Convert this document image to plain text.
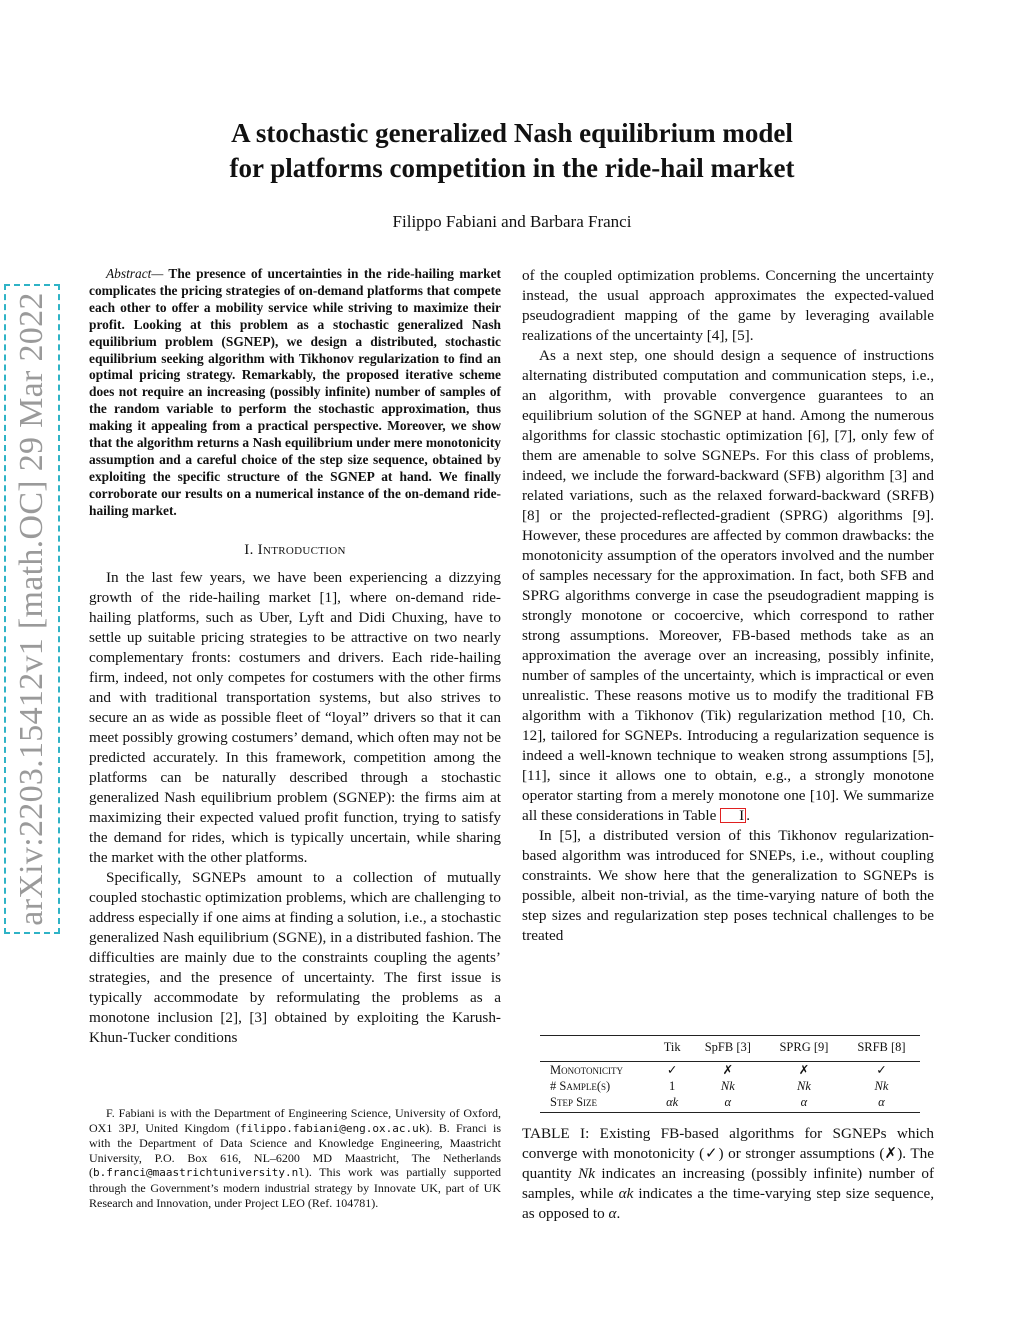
arXiv:2203.15412v1 [math.OC] 29 Mar 2022
A stochastic generalized Nash equilibrium model
for platforms competition in the ride-hail market
Filippo Fabiani and Barbara Franci

Abstract— The presence of uncertainties in the ride-hailing market complicates the pricing strategies of on-demand platforms that compete each other to offer a mobility service while striving to maximize their profit. Looking at this problem as a stochastic generalized Nash equilibrium problem (SGNEP), we design a distributed, stochastic equilibrium seeking algorithm with Tikhonov regularization to find an optimal pricing strategy. Remarkably, the proposed iterative scheme does not require an increasing (possibly infinite) number of samples of the random variable to perform the stochastic approximation, thus making it appealing from a practical perspective. Moreover, we show that the algorithm returns a Nash equilibrium under mere monotonicity assumption and a careful choice of the step size sequence, obtained by exploiting the specific structure of the SGNEP at hand. We finally corroborate our results on a numerical instance of the on-demand ride-hailing market.

I. Introduction

In the last few years, we have been experiencing a dizzying growth of the ride-hailing market [1], where on-demand ride-hailing platforms, such as Uber, Lyft and Didi Chuxing, have to settle up suitable pricing strategies to be attractive on two nearly complementary fronts: costumers and drivers. Each ride-hailing firm, indeed, not only competes for costumers with the other firms and with traditional transportation systems, but also strives to secure an as wide as possible fleet of “loyal” drivers so that it can meet possibly growing costumers’ demand, which often may not be predicted accurately. In this framework, competition among the platforms can be naturally described through a stochastic generalized Nash equilibrium problem (SGNEP): the firms aim at maximizing their expected valued profit function, trying to satisfy the demand for rides, which is typically uncertain, while sharing the market with the other platforms.

Specifically, SGNEPs amount to a collection of mutually coupled stochastic optimization problems, which are challenging to address especially if one aims at finding a solution, i.e., a stochastic generalized Nash equilibrium (SGNE), in a distributed fashion. The difficulties are mainly due to the constraints coupling the agents’ strategies, and the presence of uncertainty. The first issue is typically accommodate by reformulating the problems as a monotone inclusion [2], [3] obtained by exploiting the Karush-Khun-Tucker conditions

F. Fabiani is with the Department of Engineering Science, University of Oxford, OX1 3PJ, United Kingdom (filippo.fabiani@eng.ox.ac.uk). B. Franci is with the Department of Data Science and Knowledge Engineering, Maastricht University, P.O. Box 616, NL–6200 MD Maastricht, The Netherlands (b.franci@maastrichtuniversity.nl). This work was partially supported through the Government’s modern industrial strategy by Innovate UK, part of UK Research and Innovation, under Project LEO (Ref. 104781).

of the coupled optimization problems. Concerning the uncertainty instead, the usual approach approximates the expected-valued pseudogradient mapping of the game by leveraging available realizations of the uncertainty [4], [5].

As a next step, one should design a sequence of instructions alternating distributed computation and communication steps, i.e., an algorithm, with provable convergence guarantees to an equilibrium solution of the SGNEP at hand. Among the numerous algorithms for classic stochastic optimization [6], [7], only few of them are amenable to solve SGNEPs. For this class of problems, indeed, we include the forward-backward (SFB) algorithm [3] and related variations, such as the relaxed forward-backward (SRFB) [8] or the projected-reflected-gradient (SPRG) algorithms [9]. However, these procedures are affected by common drawbacks: the monotonicity assumption of the operators involved and the number of samples necessary for the approximation. In fact, both SFB and SPRG algorithms converge in case the pseudogradient mapping is strongly monotone or cocoercive, which correspond to rather strong assumptions. Moreover, FB-based methods take as an approximation the average over an increasing, possibly infinite, number of samples of the uncertainty, which is impractical or even unrealistic. These reasons motive us to modify the traditional FB algorithm with a Tikhonov (Tik) regularization method [10, Ch. 12], tailored for SGNEPs. Introducing a regularization sequence is indeed a well-known technique to weaken strong assumptions [5], [11], since it allows one to obtain, e.g., a strongly monotone operator starting from a merely monotone one [10]. We summarize all these considerations in Table I .

In [5], a distributed version of this Tikhonov regularization-based algorithm was introduced for SNEPs, i.e., without coupling constraints. We show here that the generalization to SGNEPs is possible, albeit non-trivial, as the time-varying nature of both the step sizes and regularization step poses technical challenges to be treated

	Tik	SpFB [3]	SPRG [9]	SRFB [8]
Monotonicity	✓	✗	✗	✓
# Sample(s)	1	Nk	Nk	Nk
Step Size	αk	α	α	α
TABLE I: Existing FB-based algorithms for SGNEPs which converge with monotonicity (✓) or stronger assumptions (✗). The quantity Nk indicates an increasing (possibly infinite) number of samples, while αk indicates a the time-varying step size sequence, as opposed to α.
